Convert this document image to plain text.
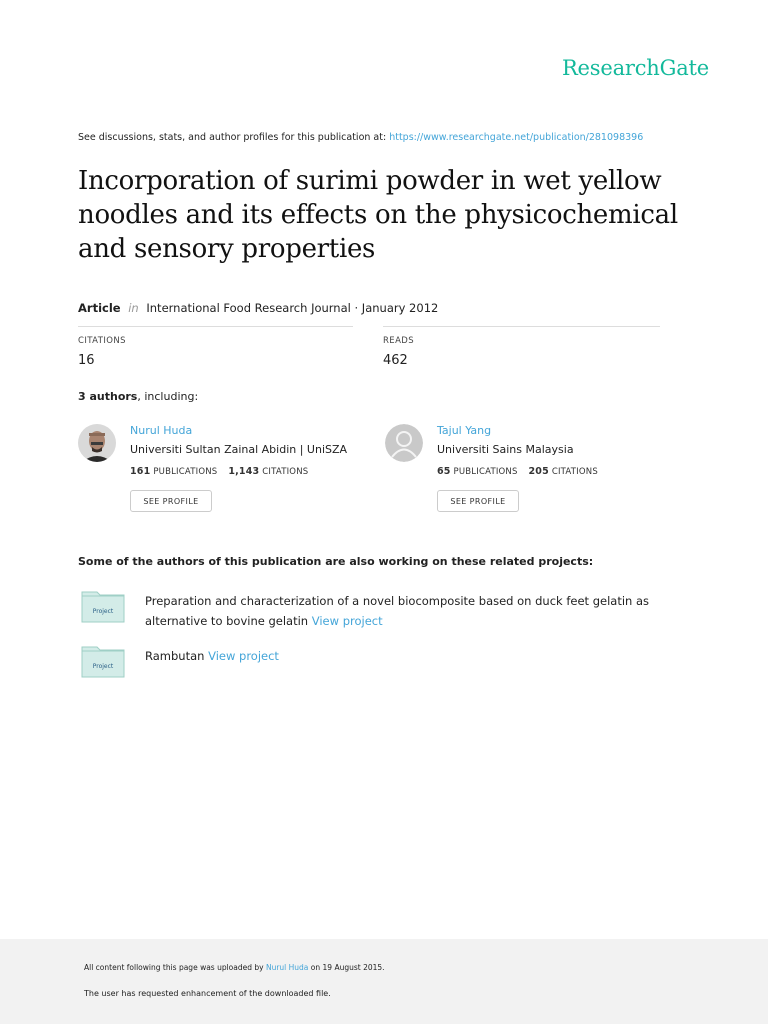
ResearchGate
See discussions, stats, and author profiles for this publication at: https://www.researchgate.net/publication/281098396
Incorporation of surimi powder in wet yellow noodles and its effects on the physicochemical and sensory properties
Article in International Food Research Journal · January 2012
CITATIONS
16
READS
462
3 authors, including:
Nurul Huda
Universiti Sultan Zainal Abidin | UniSZA
161 PUBLICATIONS 1,143 CITATIONS
SEE PROFILE
Tajul Yang
Universiti Sains Malaysia
65 PUBLICATIONS 205 CITATIONS
SEE PROFILE
Some of the authors of this publication are also working on these related projects:
Project
Preparation and characterization of a novel biocomposite based on duck feet gelatin as alternative to bovine gelatin View project
Project
Rambutan View project
All content following this page was uploaded by Nurul Huda on 19 August 2015.
The user has requested enhancement of the downloaded file.
